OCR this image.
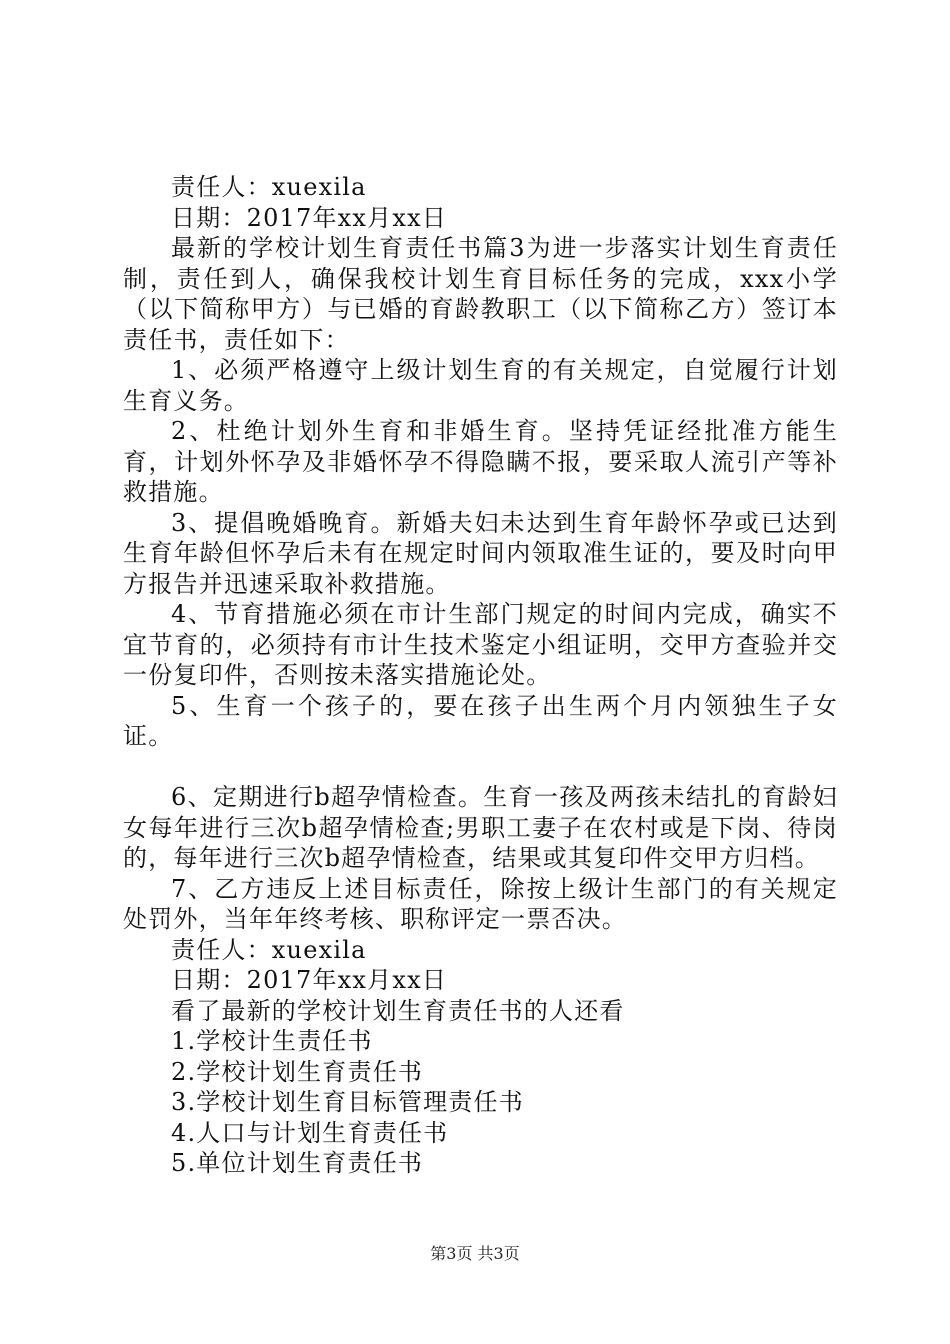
责任人：xuexila

日期：2017年xx月xx日

最新的学校计划生育责任书篇3为进一步落实计划生育责任制，责任到人，确保我校计划生育目标任务的完成，xxx小学（以下简称甲方）与已婚的育龄教职工（以下简称乙方）签订本责任书，责任如下：

1、必须严格遵守上级计划生育的有关规定，自觉履行计划生育义务。

2、杜绝计划外生育和非婚生育。坚持凭证经批准方能生育，计划外怀孕及非婚怀孕不得隐瞒不报，要采取人流引产等补救措施。

3、提倡晚婚晚育。新婚夫妇未达到生育年龄怀孕或已达到生育年龄但怀孕后未有在规定时间内领取准生证的，要及时向甲方报告并迅速采取补救措施。

4、节育措施必须在市计生部门规定的时间内完成，确实不宜节育的，必须持有市计生技术鉴定小组证明，交甲方查验并交一份复印件，否则按未落实措施论处。

5、生育一个孩子的，要在孩子出生两个月内领独生子女证。

6、定期进行b超孕情检查。生育一孩及两孩未结扎的育龄妇女每年进行三次b超孕情检查;男职工妻子在农村或是下岗、待岗的，每年进行三次b超孕情检查，结果或其复印件交甲方归档。

7、乙方违反上述目标责任，除按上级计生部门的有关规定处罚外，当年年终考核、职称评定一票否决。

责任人：xuexila

日期：2017年xx月xx日

看了最新的学校计划生育责任书的人还看

1.学校计生责任书

2.学校计划生育责任书

3.学校计划生育目标管理责任书

4.人口与计划生育责任书

5.单位计划生育责任书

第3页 共3页
